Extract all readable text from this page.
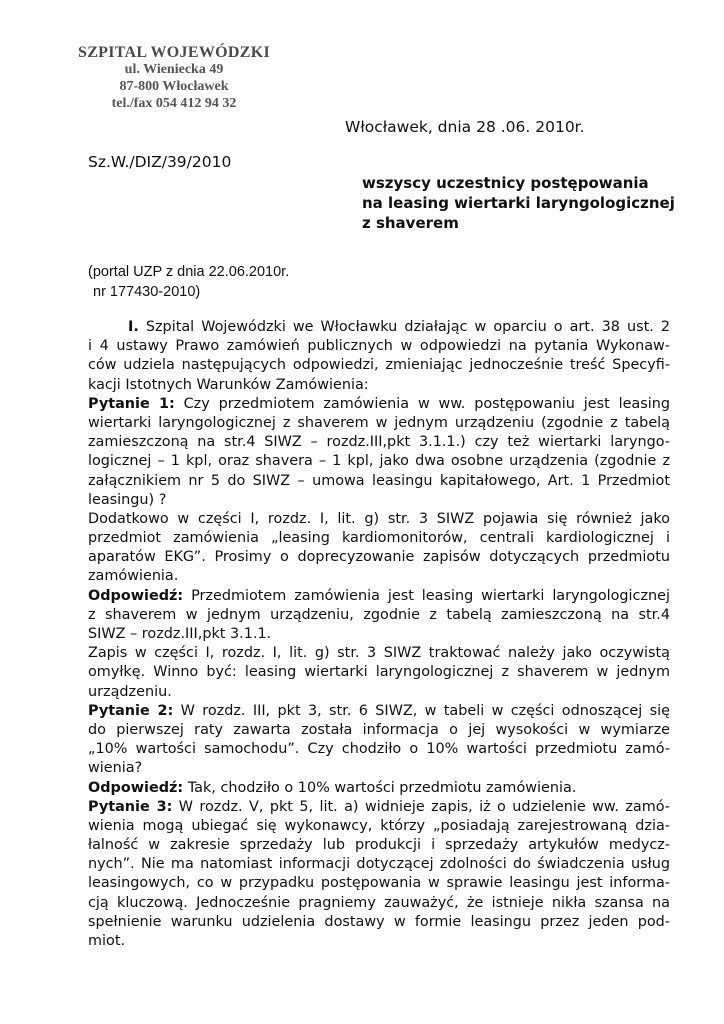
SZPITAL WOJEWÓDZKI
ul. Wieniecka 49
87-800 Włocławek
tel./fax 054 412 94 32
Włocławek, dnia 28 .06. 2010r.
Sz.W./DIZ/39/2010
wszyscy uczestnicy postępowania
na leasing wiertarki laryngologicznej
z shaverem
(portal UZP z dnia 22.06.2010r.
nr 177430-2010)
I. Szpital Wojewódzki we Włocławku działając w oparciu o art. 38 ust. 2
i 4 ustawy Prawo zamówień publicznych w odpowiedzi na pytania Wykonaw-
ców udziela następujących odpowiedzi, zmieniając jednocześnie treść Specyfi-
kacji Istotnych Warunków Zamówienia:
Pytanie 1: Czy przedmiotem zamówienia w ww. postępowaniu jest leasing
wiertarki laryngologicznej z shaverem w jednym urządzeniu (zgodnie z tabelą
zamieszczoną na str.4 SIWZ – rozdz.III,pkt 3.1.1.) czy też wiertarki laryngo-
logicznej – 1 kpl, oraz shavera – 1 kpl, jako dwa osobne urządzenia (zgodnie z
załącznikiem nr 5 do SIWZ – umowa leasingu kapitałowego, Art. 1 Przedmiot
leasingu) ?
Dodatkowo w części I, rozdz. I, lit. g) str. 3 SIWZ pojawia się również jako
przedmiot zamówienia „leasing kardiomonitorów, centrali kardiologicznej i
aparatów EKG”. Prosimy o doprecyzowanie zapisów dotyczących przedmiotu
zamówienia.
Odpowiedź: Przedmiotem zamówienia jest leasing wiertarki laryngologicznej
z shaverem w jednym urządzeniu, zgodnie z tabelą zamieszczoną na str.4
SIWZ – rozdz.III,pkt 3.1.1.
Zapis w części I, rozdz. I, lit. g) str. 3 SIWZ traktować należy jako oczywistą
omyłkę. Winno być: leasing wiertarki laryngologicznej z shaverem w jednym
urządzeniu.
Pytanie 2: W rozdz. III, pkt 3, str. 6 SIWZ, w tabeli w części odnoszącej się
do pierwszej raty zawarta została informacja o jej wysokości w wymiarze
„10% wartości samochodu”. Czy chodziło o 10% wartości przedmiotu zamó-
wienia?
Odpowiedź: Tak, chodziło o 10% wartości przedmiotu zamówienia.
Pytanie 3: W rozdz. V, pkt 5, lit. a) widnieje zapis, iż o udzielenie ww. zamó-
wienia mogą ubiegać się wykonawcy, którzy „posiadają zarejestrowaną dzia-
łalność w zakresie sprzedaży lub produkcji i sprzedaży artykułów medycz-
nych”. Nie ma natomiast informacji dotyczącej zdolności do świadczenia usług
leasingowych, co w przypadku postępowania w sprawie leasingu jest informa-
cją kluczową. Jednocześnie pragniemy zauważyć, że istnieje nikła szansa na
spełnienie warunku udzielenia dostawy w formie leasingu przez jeden pod-
miot.
